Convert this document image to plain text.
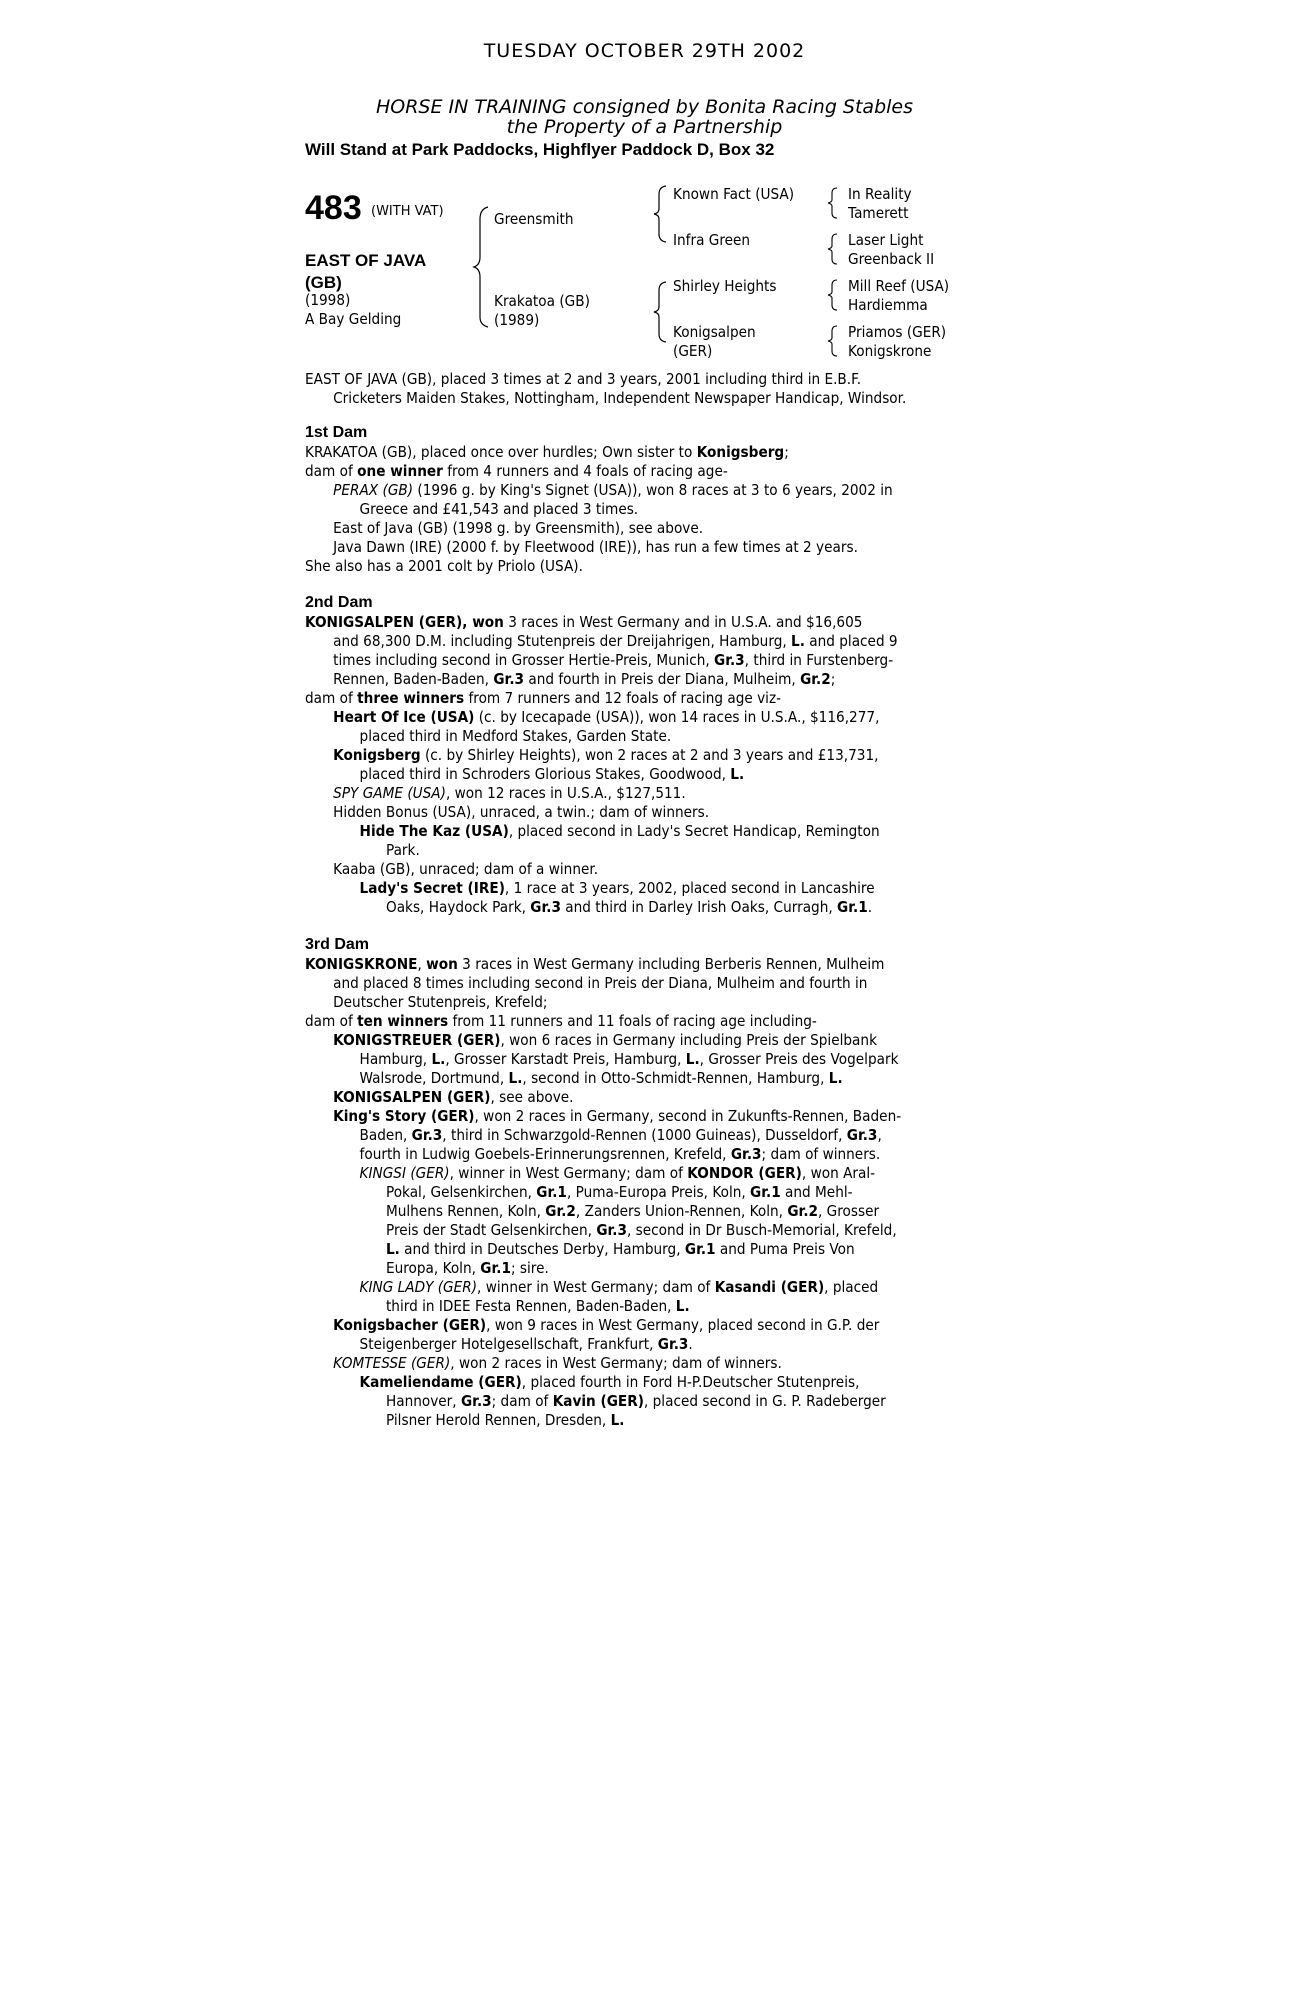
TUESDAY OCTOBER 29TH 2002
HORSE IN TRAINING consigned by Bonita Racing Stables
the Property of a Partnership
Will Stand at Park Paddocks, Highflyer Paddock D, Box 32
483 (WITH VAT)
EAST OF JAVA
(GB)
(1998)
A Bay Gelding
Greensmith
Krakatoa (GB)
(1989)
Known Fact (USA)
Infra Green
Shirley Heights
Konigsalpen
(GER)
In Reality
Tamerett
Laser Light
Greenback II
Mill Reef (USA)
Hardiemma
Priamos (GER)
Konigskrone
EAST OF JAVA (GB), placed 3 times at 2 and 3 years, 2001 including third in E.B.F.
Cricketers Maiden Stakes, Nottingham, Independent Newspaper Handicap, Windsor.
1st Dam
KRAKATOA (GB), placed once over hurdles; Own sister to Konigsberg;
dam of one winner from 4 runners and 4 foals of racing age-
PERAX (GB) (1996 g. by King's Signet (USA)), won 8 races at 3 to 6 years, 2002 in
Greece and £41,543 and placed 3 times.
East of Java (GB) (1998 g. by Greensmith), see above.
Java Dawn (IRE) (2000 f. by Fleetwood (IRE)), has run a few times at 2 years.
She also has a 2001 colt by Priolo (USA).
2nd Dam
KONIGSALPEN (GER), won 3 races in West Germany and in U.S.A. and $16,605
and 68,300 D.M. including Stutenpreis der Dreijahrigen, Hamburg, L. and placed 9
times including second in Grosser Hertie-Preis, Munich, Gr.3, third in Furstenberg-
Rennen, Baden-Baden, Gr.3 and fourth in Preis der Diana, Mulheim, Gr.2;
dam of three winners from 7 runners and 12 foals of racing age viz-
Heart Of Ice (USA) (c. by Icecapade (USA)), won 14 races in U.S.A., $116,277,
placed third in Medford Stakes, Garden State.
Konigsberg (c. by Shirley Heights), won 2 races at 2 and 3 years and £13,731,
placed third in Schroders Glorious Stakes, Goodwood, L.
SPY GAME (USA), won 12 races in U.S.A., $127,511.
Hidden Bonus (USA), unraced, a twin.; dam of winners.
Hide The Kaz (USA), placed second in Lady's Secret Handicap, Remington
Park.
Kaaba (GB), unraced; dam of a winner.
Lady's Secret (IRE), 1 race at 3 years, 2002, placed second in Lancashire
Oaks, Haydock Park, Gr.3 and third in Darley Irish Oaks, Curragh, Gr.1.
3rd Dam
KONIGSKRONE, won 3 races in West Germany including Berberis Rennen, Mulheim
and placed 8 times including second in Preis der Diana, Mulheim and fourth in
Deutscher Stutenpreis, Krefeld;
dam of ten winners from 11 runners and 11 foals of racing age including-
KONIGSTREUER (GER), won 6 races in Germany including Preis der Spielbank
Hamburg, L., Grosser Karstadt Preis, Hamburg, L., Grosser Preis des Vogelpark
Walsrode, Dortmund, L., second in Otto-Schmidt-Rennen, Hamburg, L.
KONIGSALPEN (GER), see above.
King's Story (GER), won 2 races in Germany, second in Zukunfts-Rennen, Baden-
Baden, Gr.3, third in Schwarzgold-Rennen (1000 Guineas), Dusseldorf, Gr.3,
fourth in Ludwig Goebels-Erinnerungsrennen, Krefeld, Gr.3; dam of winners.
KINGSI (GER), winner in West Germany; dam of KONDOR (GER), won Aral-
Pokal, Gelsenkirchen, Gr.1, Puma-Europa Preis, Koln, Gr.1 and Mehl-
Mulhens Rennen, Koln, Gr.2, Zanders Union-Rennen, Koln, Gr.2, Grosser
Preis der Stadt Gelsenkirchen, Gr.3, second in Dr Busch-Memorial, Krefeld,
L. and third in Deutsches Derby, Hamburg, Gr.1 and Puma Preis Von
Europa, Koln, Gr.1; sire.
KING LADY (GER), winner in West Germany; dam of Kasandi (GER), placed
third in IDEE Festa Rennen, Baden-Baden, L.
Konigsbacher (GER), won 9 races in West Germany, placed second in G.P. der
Steigenberger Hotelgesellschaft, Frankfurt, Gr.3.
KOMTESSE (GER), won 2 races in West Germany; dam of winners.
Kameliendame (GER), placed fourth in Ford H-P.Deutscher Stutenpreis,
Hannover, Gr.3; dam of Kavin (GER), placed second in G. P. Radeberger
Pilsner Herold Rennen, Dresden, L.
